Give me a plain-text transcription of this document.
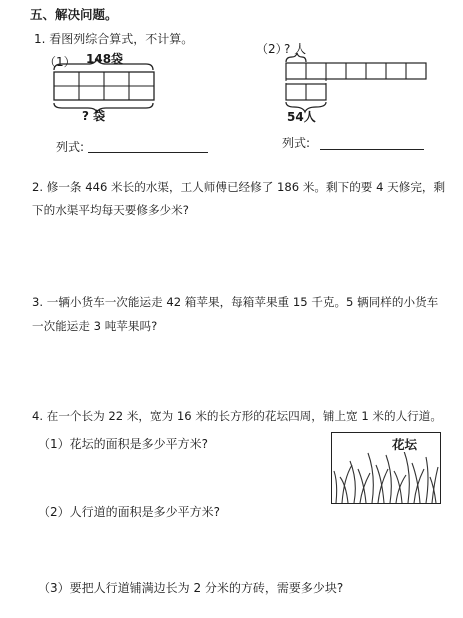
五、解决问题。
1. 看图列综合算式，不计算。
（1） 148袋
? 袋
（2）
? 人
54人
列式:	列式:
2. 修一条 446 米长的水渠，工人师傅已经修了 186 米。剩下的要 4 天修完，剩
下的水渠平均每天要修多少米?
3. 一辆小货车一次能运走 42 箱苹果，每箱苹果重 15 千克。5 辆同样的小货车
一次能运走 3 吨苹果吗?
4. 在一个长为 22 米，宽为 16 米的长方形的花坛四周，铺上宽 1 米的人行道。
（1）花坛的面积是多少平方米?	花坛
（2）人行道的面积是多少平方米?
（3）要把人行道铺满边长为 2 分米的方砖，需要多少块?
